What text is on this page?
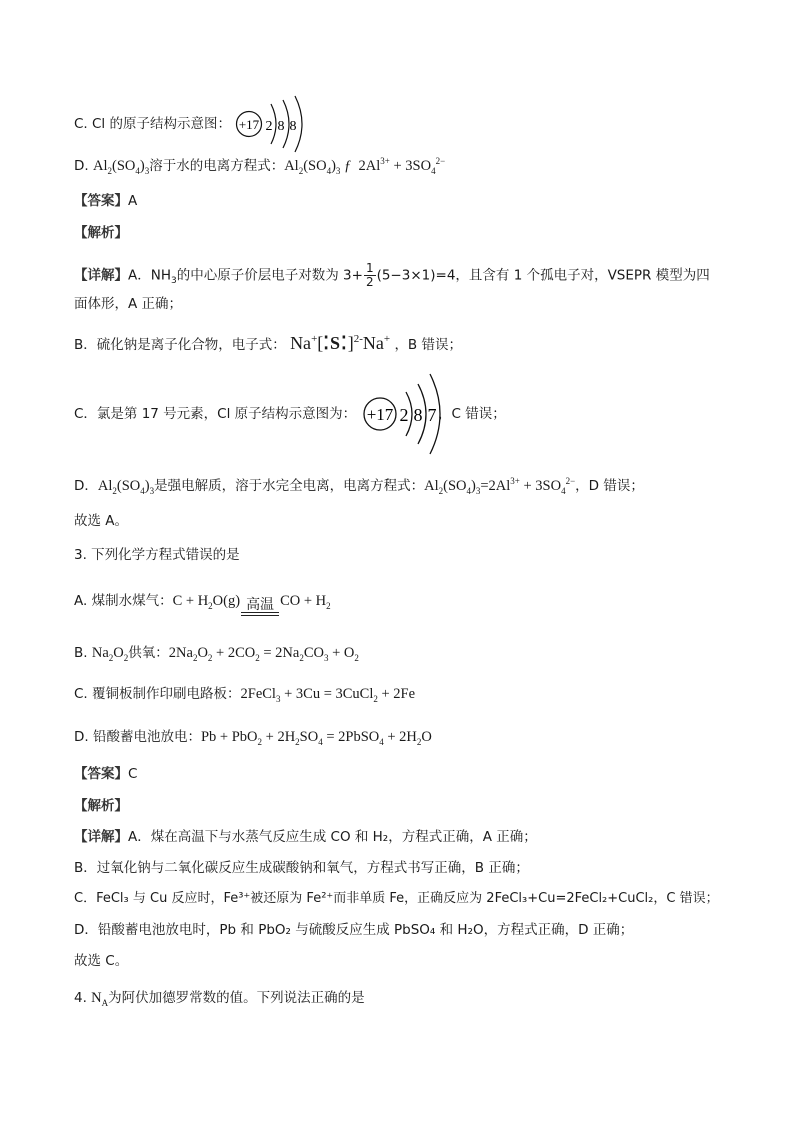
C. Cl 的原子结构示意图： +17 2 8 8
D. $Al_2(SO_4)_3$溶于水的电离方程式：$Al_2(SO_4)_3$ ƒ  $2Al^{3+} + 3SO_4^{2-}$
【答案】A
【解析】
【详解】A．$NH_3$的中心原子价层电子对数为 $3+ \frac{1}{2} (5-3\times 1)=4$，且含有 1 个孤电子对，VSEPR 模型为四
面体形，A 正确；
B．硫化钠是离子化合物，电子式： Na+[⁚S⁚]$^{2-}$Na+ ，B 错误；
C．氯是第 17 号元素，Cl 原子结构示意图为： +17 2 8 7 ，C 错误；
D．$Al_2(SO_4)_3$是强电解质，溶于水完全电离，电离方程式：$Al_2(SO_4)_3=2Al^{3+} + 3SO_4^{2-}$，D 错误；
故选 A。
3. 下列化学方程式错误的是
A. 煤制水煤气：$C + H_2O(g)$ 高温 CO + $H_2$
B. $Na_2O_2$供氧：$2Na_2O_2 + 2CO_2 = 2Na_2CO_3 + O_2$
C. 覆铜板制作印刷电路板：2FeCl$_3$ + 3Cu = 3CuCl$_2$ + 2Fe
D. 铅酸蓄电池放电：$Pb + PbO_2 + 2H_2SO_4$ = 2PbSO$_4$ + $2H_2O$
【答案】C
【解析】
【详解】A．煤在高温下与水蒸气反应生成 CO 和 H₂，方程式正确，A 正确；
B．过氧化钠与二氧化碳反应生成碳酸钠和氧气，方程式书写正确，B 正确；
C．FeCl₃ 与 Cu 反应时，Fe³⁺被还原为 Fe²⁺而非单质 Fe，正确反应为 2FeCl₃+Cu=2FeCl₂+CuCl₂，C 错误；
D．铅酸蓄电池放电时，Pb 和 PbO₂ 与硫酸反应生成 PbSO₄ 和 H₂O，方程式正确，D 正确；
故选 C。
4. $N_A$为阿伏加德罗常数的值。下列说法正确的是
